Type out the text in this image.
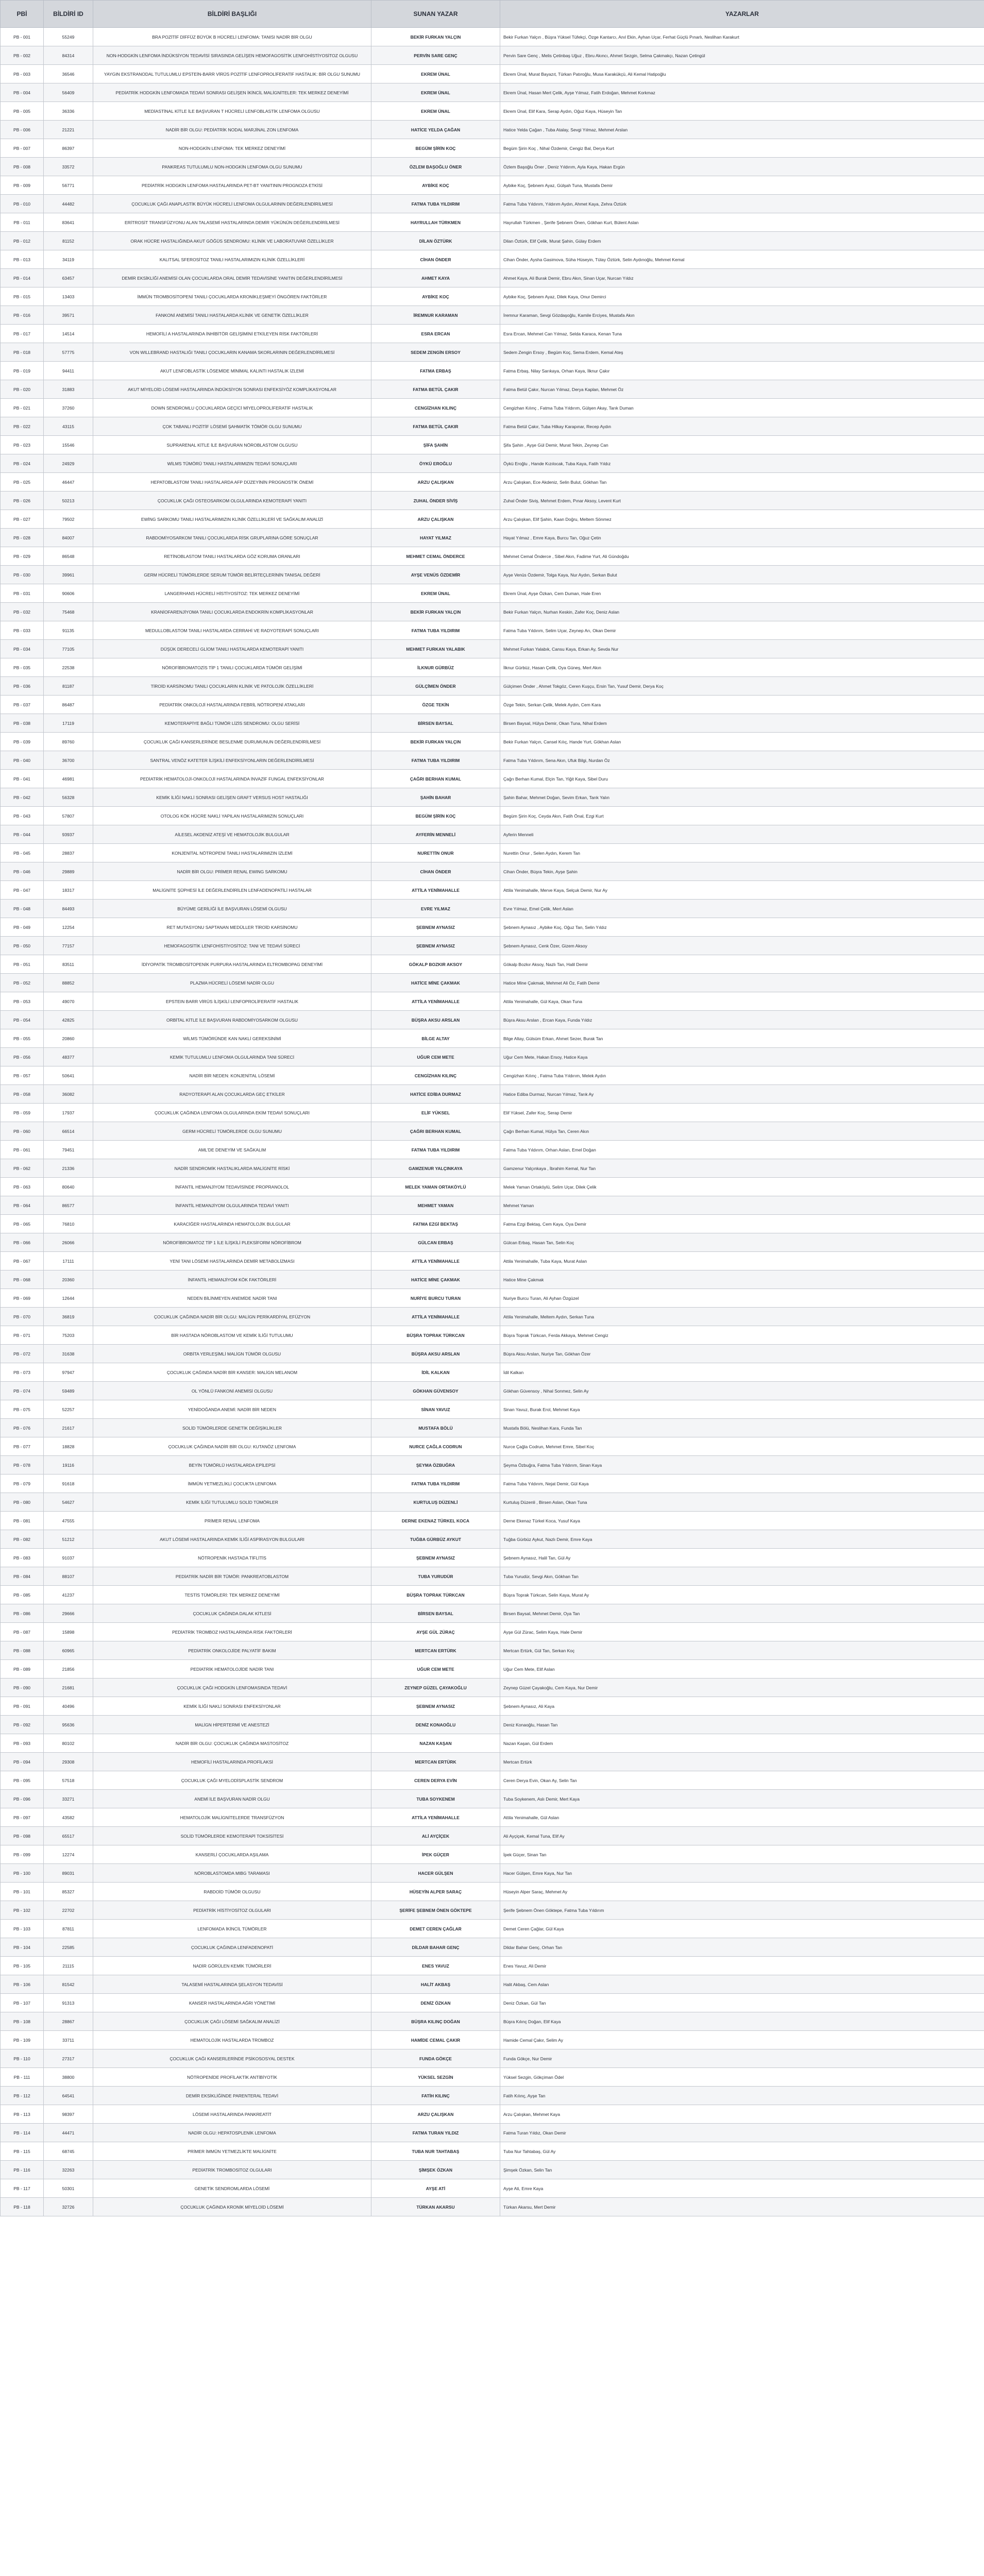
PBİ	BİLDİRİ ID	BİLDİRİ BAŞLIĞI	SUNAN YAZAR	YAZARLAR
PB - 001	55249	BRA POZİTİF DİFFÜZ BÜYÜK B HÜCRELİ LENFOMA: TANISI NADİR BİR OLGU	BEKİR FURKAN YALÇIN	Bekir Furkan Yalçın , Büşra Yüksel Tüfekçi, Özge Kantarcı, Anıl Ekin, Ayhan Uçar, Ferhat Güçlü Pınarlı, Neslihan Karakurt

PB - 002	84314	NON-HODGKİN LENFOMA İNDÜKSİYON TEDAVİSİ SIRASINDA GELİŞEN HEMOFAGOSİTİK LENFOHİSTİYOSİTOZ OLGUSU	PERVİN SARE GENÇ	Pervin Sare Genç , Melis Çetinbaş Uğuz , Ebru Akıncı, Ahmet Sezgin, Selma Çakmakçı, Nazan Çetingül

PB - 003	36546	YAYGIN EKSTRANODAL TUTULUMLU EPSTEİN-BARR VİRÜS POZİTİF LENFOPROLİFERATİF HASTALIK: BİR OLGU SUNUMU	EKREM ÜNAL	Ekrem Ünal, Murat Bayazıt, Türkan Patıroğlu, Musa Karakükçü, Ali Kemal Hatipoğlu

PB - 004	56409	PEDİATRİK HODGKİN LENFOMADA TEDAVİ SONRASI GELİŞEN İKİNCİL MALİGNİTELER: TEK MERKEZ DENEYİMİ	EKREM ÜNAL	Ekrem Ünal, Hasan Mert Çelik, Ayşe Yılmaz, Fatih Erdoğan, Mehmet Korkmaz

PB - 005	36336	MEDİASTİNAL KİTLE İLE BAŞVURAN T HÜCRELİ LENFOBLASTİK LENFOMA OLGUSU	EKREM ÜNAL	Ekrem Ünal, Elif Kara, Serap Aydın, Oğuz Kaya, Hüseyin Tan

PB - 006	21221	NADİR BİR OLGU: PEDİATRİK NODAL MARJİNAL ZON LENFOMA	HATİCE YELDA ÇAĞAN	Hatice Yelda Çağan , Tuba Atalay, Sevgi Yılmaz, Mehmet Arslan

PB - 007	86397	NON-HODGKİN LENFOMA: TEK MERKEZ DENEYİMİ	BEGÜM ŞİRİN KOÇ	Begüm Şirin Koç , Nihal Özdemir, Cengiz Bal, Derya Kurt

PB - 008	33572	PANKREAS TUTULUMLU NON-HODGKİN LENFOMA OLGU SUNUMU	ÖZLEM BAŞOĞLU ÖNER	Özlem Başoğlu Öner , Deniz Yıldırım, Ayla Kaya, Hakan Ergün

PB - 009	56771	PEDİATRİK HODGKİN LENFOMA HASTALARINDA PET-BT YANITININ PROGNOZA ETKİSİ	AYBİKE KOÇ	Aybike Koç, Şebnem Ayaz, Gülşah Tuna, Mustafa Demir

PB - 010	44482	ÇOCUKLUK ÇAĞI ANAPLASTİK BÜYÜK HÜCRELİ LENFOMA OLGULARININ DEĞERLENDİRİLMESİ	FATMA TUBA YILDIRIM	Fatma Tuba Yıldırım, Yıldırım Aydın, Ahmet Kaya, Zehra Öztürk

PB - 011	83641	ERİTROSİT TRANSFÜZYONU ALAN TALASEMİ HASTALARINDA DEMİR YÜKÜNÜN DEĞERLENDİRİLMESİ	HAYRULLAH TÜRKMEN	Hayrullah Türkmen , Şerife Şebnem Önen, Gökhan Kurt, Bülent Aslan

PB - 012	81152	ORAK HÜCRE HASTALIĞINDA AKUT GÖĞÜS SENDROMU: KLİNİK VE LABORATUVAR ÖZELLİKLER	DİLAN ÖZTÜRK	Dilan Öztürk, Elif Çelik, Murat Şahin, Gülay Erdem

PB - 013	34119	KALITSAL SFEROSİTOZ TANILI HASTALARIMIZIN KLİNİK ÖZELLİKLERİ	CİHAN ÖNDER	Cihan Önder, Aysha Gasimova, Süha Hüseyin, Tülay Öztürk, Selin Aydınoğlu, Mehmet Kemal

PB - 014	63457	DEMİR EKSİKLİĞİ ANEMİSİ OLAN ÇOCUKLARDA ORAL DEMİR TEDAVİSİNE YANITIN DEĞERLENDİRİLMESİ	AHMET KAYA	Ahmet Kaya, Ali Burak Demir, Ebru Akın, Sinan Uçar, Nurcan Yıldız

PB - 015	13403	İMMÜN TROMBOSİTOPENİ TANILI ÇOCUKLARDA KRONİKLEŞMEYİ ÖNGÖREN FAKTÖRLER	AYBİKE KOÇ	Aybike Koç, Şebnem Ayaz, Dilek Kaya, Onur Demirci

PB - 016	39571	FANKONİ ANEMİSİ TANILI HASTALARDA KLİNİK VE GENETİK ÖZELLİKLER	İREMNUR KARAMAN	İremnur Karaman, Sevgi Gözdaşoğlu, Kamile Erciyes, Mustafa Akın

PB - 017	14514	HEMOFİLİ A HASTALARINDA İNHİBİTÖR GELİŞİMİNİ ETKİLEYEN RİSK FAKTÖRLERİ	ESRA ERCAN	Esra Ercan, Mehmet Can Yılmaz, Selda Karaca, Kenan Tuna

PB - 018	57775	VON WILLEBRAND HASTALIĞI TANILI ÇOCUKLARIN KANAMA SKORLARININ DEĞERLENDİRİLMESİ	SEDEM ZENGİN ERSOY	Sedem Zengin Ersoy , Begüm Koç, Sema Erdem, Kemal Ateş

PB - 019	94411	AKUT LENFOBLASTİK LÖSEMİDE MİNİMAL KALINTI HASTALIK İZLEMİ	FATMA ERBAŞ	Fatma Erbaş, Nilay Sarıkaya, Orhan Kaya, İlknur Çakır

PB - 020	31883	AKUT MİYELOİD LÖSEMİ HASTALARINDA İNDÜKSİYON SONRASI ENFEKSİYÖZ KOMPLİKASYONLAR	FATMA BETÜL ÇAKIR	Fatma Betül Çakır, Nurcan Yılmaz, Derya Kaplan, Mehmet Öz

PB - 021	37260	DOWN SENDROMLU ÇOCUKLARDA GEÇİCİ MİYELOPROLİFERATİF HASTALIK	CENGİZHAN KILINÇ	Cengizhan Kılınç , Fatma Tuba Yıldırım, Gülşen Akay, Tarık Duman

PB - 022	43115	ÇOK TABANLI POZİTİF LÖSEMİ ŞAHMATİK TÖMÖR OLGU SUNUMU	FATMA BETÜL ÇAKIR	Fatma Betül Çakır, Tuba Hilkay Karapınar, Recep Aydın

PB - 023	15546	SUPRARENAL KİTLE İLE BAŞVURAN NÖROBLASTOM OLGUSU	ŞİFA ŞAHİN	Şifa Şahin , Ayşe Gül Demir, Murat Tekin, Zeynep Can

PB - 024	24929	WİLMS TÜMÖRÜ TANILI HASTALARIMIZIN TEDAVİ SONUÇLARI	ÖYKÜ EROĞLU	Öykü Eroğlu , Hande Kızılocak, Tuba Kaya, Fatih Yıldız

PB - 025	46447	HEPATOBLASTOM TANILI HASTALARDA AFP DÜZEYİNİN PROGNOSTİK ÖNEMİ	ARZU ÇALIŞKAN	Arzu Çalışkan, Ece Akdeniz, Selin Bulut, Gökhan Tan

PB - 026	50213	ÇOCUKLUK ÇAĞI OSTEOSARKOM OLGULARINDA KEMOTERAPİ YANITI	ZUHAL ÖNDER SİVİŞ	Zuhal Önder Siviş, Mehmet Erdem, Pınar Aksoy, Levent Kurt

PB - 027	79502	EWİNG SARKOMU TANILI HASTALARIMIZIN KLİNİK ÖZELLİKLERİ VE SAĞKALIM ANALİZİ	ARZU ÇALIŞKAN	Arzu Çalışkan, Elif Şahin, Kaan Doğru, Meltem Sönmez

PB - 028	84007	RABDOMİYOSARKOM TANILI ÇOCUKLARDA RİSK GRUPLARINA GÖRE SONUÇLAR	HAYAT YILMAZ	Hayat Yılmaz , Emre Kaya, Burcu Tan, Oğuz Çetin

PB - 029	86548	RETİNOBLASTOM TANILI HASTALARDA GÖZ KORUMA ORANLARI	MEHMET CEMAL ÖNDERCE	Mehmet Cemal Önderce , Sibel Akın, Fadime Yurt, Ali Gündoğdu

PB - 030	39961	GERM HÜCRELİ TÜMÖRLERDE SERUM TÜMÖR BELİRTEÇLERİNİN TANISAL DEĞERİ	AYŞE VENÜS ÖZDEMİR	Ayşe Venüs Özdemir, Tolga Kaya, Nur Aydın, Serkan Bulut

PB - 031	90606	LANGERHANS HÜCRELİ HİSTİYOSİTOZ: TEK MERKEZ DENEYİMİ	EKREM ÜNAL	Ekrem Ünal, Ayşe Özkan, Cem Duman, Hale Eren

PB - 032	75468	KRANİOFARENJİYOMA TANILI ÇOCUKLARDA ENDOKRİN KOMPLİKASYONLAR	BEKİR FURKAN YALÇIN	Bekir Furkan Yalçın, Nurhan Keskin, Zafer Koç, Deniz Aslan

PB - 033	91135	MEDULLOBLASTOM TANILI HASTALARDA CERRAHİ VE RADYOTERAPİ SONUÇLARI	FATMA TUBA YILDIRIM	Fatma Tuba Yıldırım, Selim Uçar, Zeynep Arı, Okan Demir

PB - 034	77105	DÜŞÜK DERECELİ GLİOM TANILI HASTALARDA KEMOTERAPİ YANITI	MEHMET FURKAN YALABIK	Mehmet Furkan Yalabık, Cansu Kaya, Erkan Ay, Sevda Nur

PB - 035	22538	NÖROFİBROMATOZİS TİP 1 TANILI ÇOCUKLARDA TÜMÖR GELİŞİMİ	İLKNUR GÜRBÜZ	İlknur Gürbüz, Hasan Çelik, Oya Güneş, Mert Akın

PB - 036	81187	TİROİD KARSİNOMU TANILI ÇOCUKLARIN KLİNİK VE PATOLOJİK ÖZELLİKLERİ	GÜLÇİMEN ÖNDER	Gülçimen Önder , Ahmet Tokgöz, Ceren Kuşçu, Ersin Tan, Yusuf Demir, Derya Koç

PB - 037	86487	PEDİATRİK ONKOLOJİ HASTALARINDA FEBRİL NÖTROPENİ ATAKLARI	ÖZGE TEKİN	Özge Tekin, Serkan Çelik, Melek Aydın, Cem Kara

PB - 038	17119	KEMOTERAPİYE BAĞLI TÜMÖR LİZİS SENDROMU: OLGU SERİSİ	BİRSEN BAYSAL	Birsen Baysal, Hülya Demir, Okan Tuna, Nihal Erdem

PB - 039	89760	ÇOCUKLUK ÇAĞI KANSERLERİNDE BESLENME DURUMUNUN DEĞERLENDİRİLMESİ	BEKİR FURKAN YALÇIN	Bekir Furkan Yalçın, Cansel Kılıç, Hande Yurt, Gökhan Aslan

PB - 040	36700	SANTRAL VENÖZ KATETER İLİŞKİLİ ENFEKSİYONLARIN DEĞERLENDİRİLMESİ	FATMA TUBA YILDIRIM	Fatma Tuba Yıldırım, Sena Akın, Ufuk Bilgi, Nurdan Öz

PB - 041	46981	PEDİATRİK HEMATOLOJİ-ONKOLOJİ HASTALARINDA İNVAZİF FUNGAL ENFEKSİYONLAR	ÇAĞRI BERHAN KUMAL	Çağrı Berhan Kumal, Elçin Tan, Yiğit Kaya, Sibel Duru

PB - 042	56328	KEMİK İLİĞİ NAKLİ SONRASI GELİŞEN GRAFT VERSUS HOST HASTALIĞI	ŞAHİN BAHAR	Şahin Bahar, Mehmet Doğan, Sevim Erkan, Tarık Yalın

PB - 043	57807	OTOLOG KÖK HÜCRE NAKLİ YAPILAN HASTALARIMIZIN SONUÇLARI	BEGÜM ŞİRİN KOÇ	Begüm Şirin Koç, Ceyda Akın, Fatih Önal, Ezgi Kurt

PB - 044	93937	AİLESEL AKDENİZ ATEŞİ VE HEMATOLOJİK BULGULAR	AYFERİN MENNELİ	Ayferin Menneli

PB - 045	28837	KONJENİTAL NÖTROPENİ TANILI HASTALARIMIZIN İZLEMİ	NURETTİN ONUR	Nurettin Onur , Selen Aydın, Kerem Tan

PB - 046	29889	NADİR BİR OLGU: PRİMER RENAL EWING SARKOMU	CİHAN ÖNDER	Cihan Önder, Büşra Tekin, Ayşe Şahin

PB - 047	18317	MALİGNİTE ŞÜPHESİ İLE DEĞERLENDİRİLEN LENFADENOPATİLİ HASTALAR	ATTİLA YENİMAHALLE	Attila Yenimahalle, Merve Kaya, Selçuk Demir, Nur Ay

PB - 048	84493	BÜYÜME GERİLİĞİ İLE BAŞVURAN LÖSEMİ OLGUSU	EVRE YILMAZ	Evre Yılmaz, Emel Çelik, Mert Aslan

PB - 049	12254	RET MUTASYONU SAPTANAN MEDÜLLER TİROİD KARSİNOMU	ŞEBNEM AYNASIZ	Şebnem Aynasız , Aybike Koç, Oğuz Tan, Selin Yıldız

PB - 050	77157	HEMOFAGOSİTİK LENFOHİSTİYOSİTOZ: TANI VE TEDAVİ SÜRECİ	ŞEBNEM AYNASIZ	Şebnem Aynasız, Cenk Özer, Gizem Aksoy

PB - 051	83511	İDİYOPATİK TROMBOSİTOPENİK PURPURA HASTALARINDA ELTROMBOPAG DENEYİMİ	GÖKALP BOZKIR AKSOY	Gökalp Bozkır Aksoy, Nazlı Tan, Halil Demir

PB - 052	88852	PLAZMA HÜCRELİ LÖSEMİ NADİR OLGU	HATİCE MİNE ÇAKMAK	Hatice Mine Çakmak, Mehmet Ali Öz, Fatih Demir

PB - 053	49070	EPSTEIN BARR VİRÜS İLİŞKİLİ LENFOPROLİFERATİF HASTALIK	ATTİLA YENİMAHALLE	Attila Yenimahalle, Gül Kaya, Okan Tuna

PB - 054	42825	ORBİTAL KİTLE İLE BAŞVURAN RABDOMİYOSARKOM OLGUSU	BÜŞRA AKSU ARSLAN	Büşra Aksu Arslan , Ercan Kaya, Funda Yıldız

PB - 055	20860	WİLMS TÜMÖRÜNDE KAN NAKLİ GEREKSİNİMİ	BİLGE ALTAY	Bilge Altay, Gülsüm Erkan, Ahmet Sezer, Burak Tan

PB - 056	48377	KEMİK TUTULUMLU LENFOMA OLGULARINDA TANI SÜRECİ	UĞUR CEM METE	Uğur Cem Mete, Hakan Ersoy, Hatice Kaya

PB - 057	50641	NADİR BİR NEDEN: KONJENİTAL LÖSEMİ	CENGİZHAN KILINÇ	Cengizhan Kılınç , Fatma Tuba Yıldırım, Melek Aydın

PB - 058	36082	RADYOTERAPİ ALAN ÇOCUKLARDA GEÇ ETKİLER	HATİCE EDİBA DURMAZ	Hatice Ediba Durmaz, Nurcan Yılmaz, Tarık Ay

PB - 059	17937	ÇOCUKLUK ÇAĞINDA LENFOMA OLGULARINDA EKİM TEDAVİ SONUÇLARI	ELİF YÜKSEL	Elif Yüksel, Zafer Koç, Serap Demir

PB - 060	66514	GERM HÜCRELİ TÜMÖRLERDE OLGU SUNUMU	ÇAĞRI BERHAN KUMAL	Çağrı Berhan Kumal, Hülya Tan, Ceren Akın

PB - 061	79451	AML'DE DENEYİM VE SAĞKALIM	FATMA TUBA YILDIRIM	Fatma Tuba Yıldırım, Orhan Aslan, Emel Doğan

PB - 062	21336	NADİR SENDROMİK HASTALIKLARDA MALİGNİTE RİSKİ	GAMZENUR YALÇINKAYA	Gamzenur Yalçınkaya , İbrahim Kemal, Nur Tan

PB - 063	80640	İNFANTİL HEMANJİYOM TEDAVİSİNDE PROPRANOLOL	MELEK YAMAN ORTAKÖYLÜ	Melek Yaman Ortaköylü, Selim Uçar, Dilek Çelik

PB - 064	86577	İNFANTİL HEMANJİYOM OLGULARINDA TEDAVİ YANITI	MEHMET YAMAN	Mehmet Yaman

PB - 065	76810	KARACİĞER HASTALARINDA HEMATOLOJİK BULGULAR	FATMA EZGİ BEKTAŞ	Fatma Ezgi Bektaş, Cem Kaya, Oya Demir

PB - 066	26066	NÖROFİBROMATOZ TİP 1 İLE İLİŞKİLİ PLEKSİFORM NÖROFİBROM	GÜLCAN ERBAŞ	Gülcan Erbaş, Hasan Tan, Selin Koç

PB - 067	17111	YENİ TANI LÖSEMİ HASTALARINDA DEMİR METABOLİZMASI	ATTİLA YENİMAHALLE	Attila Yenimahalle, Tuba Kaya, Murat Aslan

PB - 068	20360	İNFANTİL HEMANJİYOM KÖK FAKTÖRLERİ	HATİCE MİNE ÇAKMAK	Hatice Mine Çakmak

PB - 069	12644	NEDEN BİLİNMEYEN ANEMİDE NADİR TANI	NURİYE BURCU TURAN	Nuriye Burcu Turan, Ali Ayhan Özgüzel

PB - 070	36819	ÇOCUKLUK ÇAĞINDA NADİR BİR OLGU: MALİGN PERİKARDİYAL EFÜZYON	ATTİLA YENİMAHALLE	Attila Yenimahalle, Meltem Aydın, Serkan Tuna

PB - 071	75203	BİR HASTADA NÖROBLASTOM VE KEMİK İLİĞİ TUTULUMU	BÜŞRA TOPRAK TÜRKCAN	Büşra Toprak Türkcan, Ferda Akkaya, Mehmet Cengiz

PB - 072	31638	ORBİTA YERLEŞİMLİ MALİGN TÜMÖR OLGUSU	BÜŞRA AKSU ARSLAN	Büşra Aksu Arslan, Nuriye Tan, Gökhan Özer

PB - 073	97947	ÇOCUKLUK ÇAĞINDA NADİR BİR KANSER: MALİGN MELANOM	İDİL KALKAN	İdil Kalkan

PB - 074	59489	OL YÖNLÜ FANKONİ ANEMİSİ OLGUSU	GÖKHAN GÜVENSOY	Gökhan Güvensoy , Nihal Sonmez, Selin Ay

PB - 075	52257	YENİDOĞANDA ANEMİ: NADİR BİR NEDEN	SİNAN YAVUZ	Sinan Yavuz, Burak Erol, Mehmet Kaya

PB - 076	21617	SOLİD TÜMÖRLERDE GENETİK DEĞİŞİKLİKLER	MUSTAFA BÖLÜ	Mustafa Bölü, Neslihan Kara, Funda Tan

PB - 077	18828	ÇOCUKLUK ÇAĞINDA NADİR BİR OLGU: KUTANÖZ LENFOMA	NURCE ÇAĞLA CODRUN	Nurce Çağla Codrun, Mehmet Emre, Sibel Koç

PB - 078	19116	BEYİN TÜMÖRLÜ HASTALARDA EPİLEPSİ	ŞEYMA ÖZBUĞRA	Şeyma Özbuğra, Fatma Tuba Yıldırım, Sinan Kaya

PB - 079	91618	İMMÜN YETMEZLİKLİ ÇOCUKTA LENFOMA	FATMA TUBA YILDIRIM	Fatma Tuba Yıldırım, Nejat Demir, Gül Kaya

PB - 080	54627	KEMİK İLİĞİ TUTULUMLU SOLİD TÜMÖRLER	KURTULUŞ DÜZENLİ	Kurtuluş Düzenli , Birsen Aslan, Okan Tuna

PB - 081	47555	PRİMER RENAL LENFOMA	DERNE EKENAZ TÜRKEL KOCA	Derne Ekenaz Türkel Koca, Yusuf Kaya

PB - 082	51212	AKUT LÖSEMİ HASTALARINDA KEMİK İLİĞİ ASPİRASYON BULGULARI	TUĞBA GÜRBÜZ AYKUT	Tuğba Gürbüz Aykut, Nazlı Demir, Emre Kaya

PB - 083	91037	NÖTROPENİK HASTADA TİFLİTİS	ŞEBNEM AYNASIZ	Şebnem Aynasız, Halil Tan, Gül Ay

PB - 084	88107	PEDİATRİK NADİR BİR TÜMÖR: PANKREATOBLASTOM	TUBA YURUDÜR	Tuba Yurudür, Sevgi Akın, Gökhan Tan

PB - 085	41237	TESTİS TÜMÖRLERİ: TEK MERKEZ DENEYİMİ	BÜŞRA TOPRAK TÜRKCAN	Büşra Toprak Türkcan, Selin Kaya, Murat Ay

PB - 086	29666	ÇOCUKLUK ÇAĞINDA DALAK KİTLESİ	BİRSEN BAYSAL	Birsen Baysal, Mehmet Demir, Oya Tan

PB - 087	15898	PEDİATRİK TROMBOZ HASTALARINDA RİSK FAKTÖRLERİ	AYŞE GÜL ZÜRAÇ	Ayşe Gül Zürac, Selim Kaya, Hale Demir

PB - 088	60965	PEDİATRİK ONKOLOJİDE PALYATİF BAKIM	MERTCAN ERTÜRK	Mertcan Ertürk, Gül Tan, Serkan Koç

PB - 089	21856	PEDİATRİK HEMATOLOJİDE NADİR TANI	UĞUR CEM METE	Uğur Cem Mete, Elif Aslan

PB - 090	21681	ÇOCUKLUK ÇAĞI HODGKİN LENFOMASINDA TEDAVİ	ZEYNEP GÜZEL ÇAYAKOĞLU	Zeynep Güzel Çayakoğlu, Cem Kaya, Nur Demir

PB - 091	40496	KEMİK İLİĞİ NAKLİ SONRASI ENFEKSİYONLAR	ŞEBNEM AYNASIZ	Şebnem Aynasız, Ali Kaya

PB - 092	95636	MALİGN HİPERTERMİ VE ANESTEZİ	DENİZ KONAOĞLU	Deniz Konaoğlu, Hasan Tan

PB - 093	80102	NADİR BİR OLGU: ÇOCUKLUK ÇAĞINDA MASTOSİTOZ	NAZAN KAŞAN	Nazan Kaşan, Gül Erdem

PB - 094	29308	HEMOFİLİ HASTALARINDA PROFİLAKSİ	MERTCAN ERTÜRK	Mertcan Ertürk

PB - 095	57518	ÇOCUKLUK ÇAĞI MYELODİSPLASTİK SENDROM	CEREN DERYA EVİN	Ceren Derya Evin, Okan Ay, Selin Tan

PB - 096	33271	ANEMİ İLE BAŞVURAN NADİR OLGU	TUBA SOYKENEM	Tuba Soykenem, Aslı Demir, Mert Kaya

PB - 097	43582	HEMATOLOJİK MALİGNİTELERDE TRANSFÜZYON	ATTİLA YENİMAHALLE	Attila Yenimahalle, Gül Aslan

PB - 098	65517	SOLİD TÜMÖRLERDE KEMOTERAPİ TOKSİSİTESİ	ALİ AYÇİÇEK	Ali Ayçiçek, Kemal Tuna, Elif Ay

PB - 099	12274	KANSERLİ ÇOCUKLARDA AŞILAMA	İPEK GÜÇER	İpek Güçer, Sinan Tan

PB - 100	89031	NÖROBLASTOMDA MIBG TARAMASI	HACER GÜLŞEN	Hacer Gülşen, Emre Kaya, Nur Tan

PB - 101	85327	RABDOİD TÜMÖR OLGUSU	HÜSEYİN ALPER SARAÇ	Hüseyin Alper Saraç, Mehmet Ay

PB - 102	22702	PEDİATRİK HİSTİYOSİTOZ OLGULARI	ŞERİFE ŞEBNEM ÖNEN GÖKTEPE	Şerife Şebnem Önen Göktepe, Fatma Tuba Yıldırım

PB - 103	87811	LENFOMADA İKİNCİL TÜMÖRLER	DEMET CEREN ÇAĞLAR	Demet Ceren Çağlar, Gül Kaya

PB - 104	22585	ÇOCUKLUK ÇAĞINDA LENFADENOPATİ	DİLDAR BAHAR GENÇ	Dildar Bahar Genç, Orhan Tan

PB - 105	21115	NADİR GÖRÜLEN KEMİK TÜMÖRLERİ	ENES YAVUZ	Enes Yavuz, Ali Demir

PB - 106	81542	TALASEMİ HASTALARINDA ŞELASYON TEDAVİSİ	HALİT AKBAŞ	Halit Akbaş, Cem Aslan

PB - 107	91313	KANSER HASTALARINDA AĞRI YÖNETİMİ	DENİZ ÖZKAN	Deniz Özkan, Gül Tan

PB - 108	28867	ÇOCUKLUK ÇAĞI LÖSEMİ SAĞKALIM ANALİZİ	BÜŞRA KILINÇ DOĞAN	Büşra Kılınç Doğan, Elif Kaya

PB - 109	33711	HEMATOLOJİK HASTALARDA TROMBOZ	HAMİDE CEMAL ÇAKIR	Hamide Cemal Çakır, Selim Ay

PB - 110	27317	ÇOCUKLUK ÇAĞI KANSERLERİNDE PSİKOSOSYAL DESTEK	FUNDA GÖKÇE	Funda Gökçe, Nur Demir

PB - 111	38800	NÖTROPENİDE PROFİLAKTİK ANTİBİYOTİK	YÜKSEL SEZGİN	Yüksel Sezgin, Gökçiman Ödel

PB - 112	64541	DEMİR EKSİKLİĞİNDE PARENTERAL TEDAVİ	FATİH KILINÇ	Fatih Kılınç, Ayşe Tan

PB - 113	98397	LÖSEMİ HASTALARINDA PANKREATİT	ARZU ÇALIŞKAN	Arzu Çalışkan, Mehmet Kaya

PB - 114	44471	NADİR OLGU: HEPATOSPLENİK LENFOMA	FATMA TURAN YILDIZ	Fatma Turan Yıldız, Okan Demir

PB - 115	68745	PRİMER İMMÜN YETMEZLİKTE MALİGNİTE	TUBA NUR TAHTABAŞ	Tuba Nur Tahtabaş, Gül Ay

PB - 116	32263	PEDİATRİK TROMBOSİTOZ OLGULARI	ŞİMŞEK ÖZKAN	Şimşek Özkan, Selin Tan

PB - 117	50301	GENETİK SENDROMLARDA LÖSEMİ	AYŞE ATİ	Ayşe Ati, Emre Kaya

PB - 118	32726	ÇOCUKLUK ÇAĞINDA KRONİK MİYELOİD LÖSEMİ	TÜRKAN AKARSU	Türkan Akarsu, Mert Demir
